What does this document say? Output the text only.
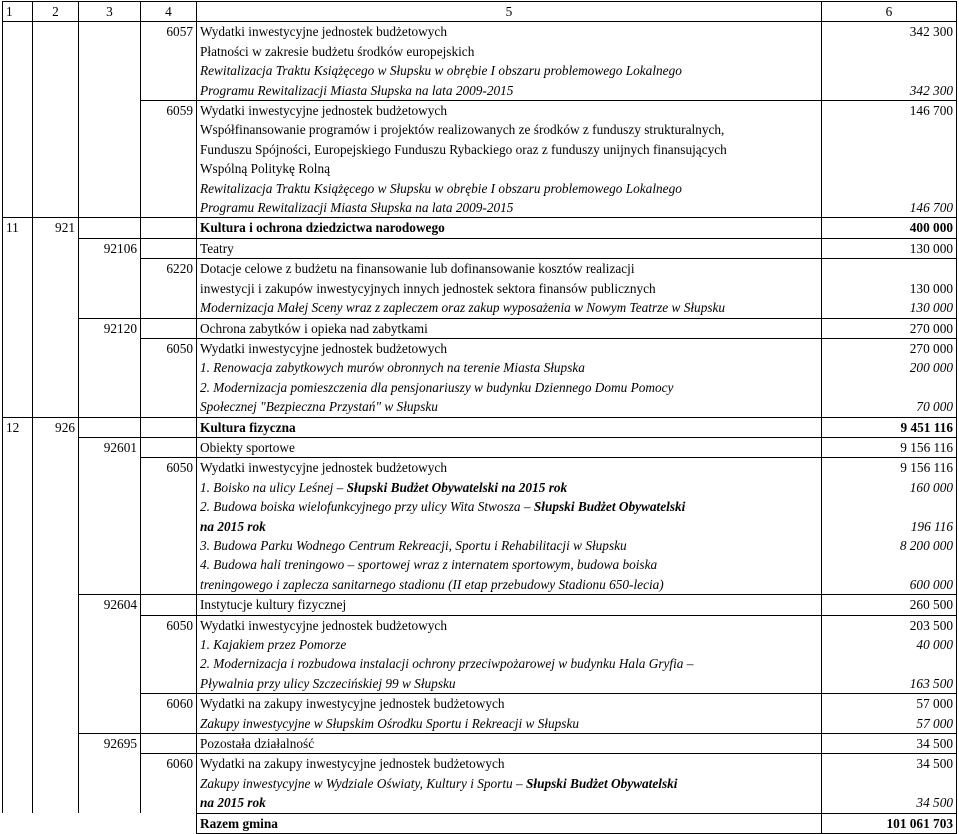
1	2	3	4	5	6
			6057	Wydatki inwestycyjne jednostek budżetowych	342 300
				Płatności w zakresie budżetu środków europejskich	
				Rewitalizacja Traktu Książęcego w Słupsku w obrębie I obszaru problemowego Lokalnego	
				Programu Rewitalizacji Miasta Słupska na lata 2009-2015	342 300
			6059	Wydatki inwestycyjne jednostek budżetowych	146 700
				Współfinansowanie programów i projektów realizowanych ze środków z funduszy strukturalnych,	
				Funduszu Spójności, Europejskiego Funduszu Rybackiego oraz z funduszy unijnych finansujących	
				Wspólną Politykę Rolną	
				Rewitalizacja Traktu Książęcego w Słupsku w obrębie I obszaru problemowego Lokalnego	
				Programu Rewitalizacji Miasta Słupska na lata 2009-2015	146 700
11	921			Kultura i ochrona dziedzictwa narodowego	400 000
		92106		Teatry	130 000
			6220	Dotacje celowe z budżetu na finansowanie lub dofinansowanie kosztów realizacji	
				inwestycji i zakupów inwestycyjnych innych jednostek sektora finansów publicznych	130 000
				Modernizacja Małej Sceny wraz z zapleczem oraz zakup wyposażenia w Nowym Teatrze w Słupsku	130 000
		92120		Ochrona zabytków i opieka nad zabytkami	270 000
			6050	Wydatki inwestycyjne jednostek budżetowych	270 000
				1. Renowacja zabytkowych murów obronnych na terenie Miasta Słupska	200 000
				2. Modernizacja pomieszczenia dla pensjonariuszy w budynku Dziennego Domu Pomocy	
				Społecznej "Bezpieczna Przystań" w Słupsku	70 000
12	926			Kultura fizyczna	9 451 116
		92601		Obiekty sportowe	9 156 116
			6050	Wydatki inwestycyjne jednostek budżetowych	9 156 116
				1. Boisko na ulicy Leśnej – Słupski Budżet Obywatelski na 2015 rok	160 000
				2. Budowa boiska wielofunkcyjnego przy ulicy Wita Stwosza – Słupski Budżet Obywatelski	
				na 2015 rok	196 116
				3. Budowa Parku Wodnego Centrum Rekreacji, Sportu i Rehabilitacji w Słupsku	8 200 000
				4. Budowa hali treningowo – sportowej wraz z internatem sportowym, budowa boiska	
				treningowego i zaplecza sanitarnego stadionu (II etap przebudowy Stadionu 650-lecia)	600 000
		92604		Instytucje kultury fizycznej	260 500
			6050	Wydatki inwestycyjne jednostek budżetowych	203 500
				1. Kajakiem przez Pomorze	40 000
				2. Modernizacja i rozbudowa instalacji ochrony przeciwpożarowej w budynku Hala Gryfia –	
				Pływalnia przy ulicy Szczecińskiej 99 w Słupsku	163 500
			6060	Wydatki na zakupy inwestycyjne jednostek budżetowych	57 000
				Zakupy inwestycyjne w Słupskim Ośrodku Sportu i Rekreacji w Słupsku	57 000
		92695		Pozostała działalność	34 500
			6060	Wydatki na zakupy inwestycyjne jednostek budżetowych	34 500
				Zakupy inwestycyjne w Wydziale Oświaty, Kultury i Sportu – Słupski Budżet Obywatelski	
				na 2015 rok	34 500
				Razem gmina	101 061 703
